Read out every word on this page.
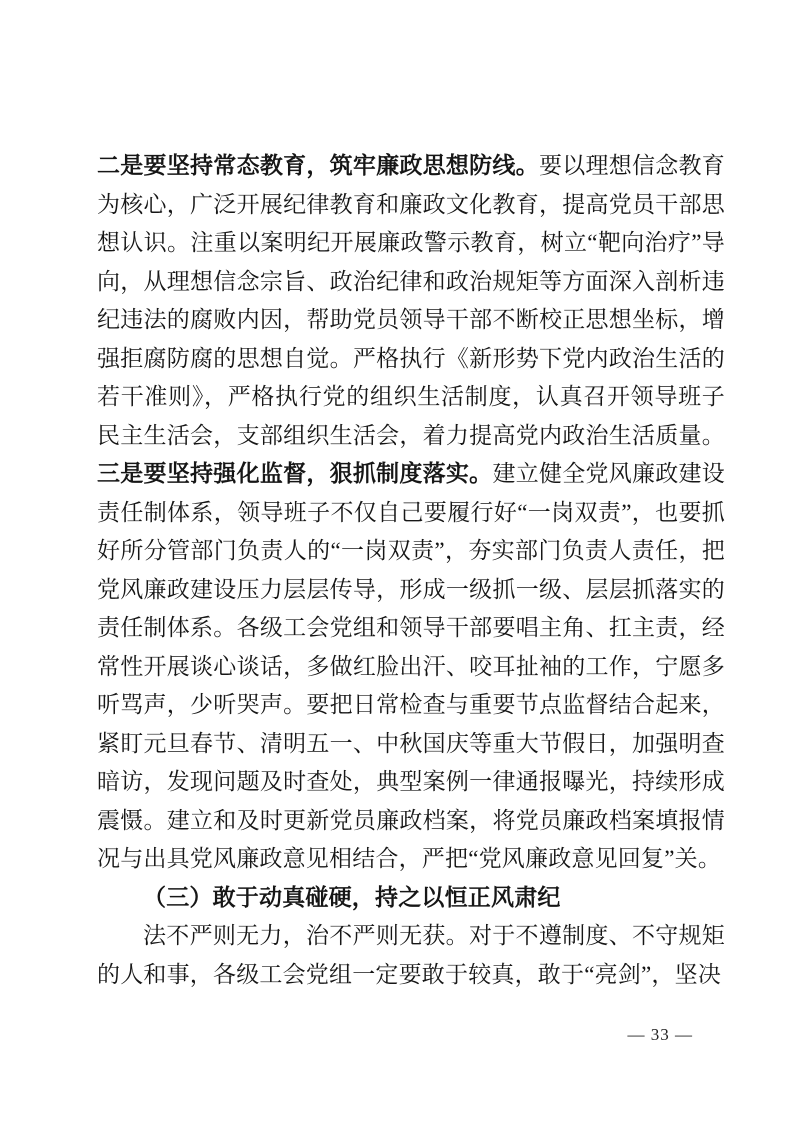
二是要坚持常态教育，筑牢廉政思想防线。要以理想信念教育为核心，广泛开展纪律教育和廉政文化教育，提高党员干部思想认识。注重以案明纪开展廉政警示教育，树立“靶向治疗”导向，从理想信念宗旨、政治纪律和政治规矩等方面深入剖析违纪违法的腐败内因，帮助党员领导干部不断校正思想坐标，增强拒腐防腐的思想自觉。严格执行《新形势下党内政治生活的若干准则》，严格执行党的组织生活制度，认真召开领导班子民主生活会，支部组织生活会，着力提高党内政治生活质量。三是要坚持强化监督，狠抓制度落实。建立健全党风廉政建设责任制体系，领导班子不仅自己要履行好“一岗双责”，也要抓好所分管部门负责人的“一岗双责”，夯实部门负责人责任，把党风廉政建设压力层层传导，形成一级抓一级、层层抓落实的责任制体系。各级工会党组和领导干部要唱主角、扛主责，经常性开展谈心谈话，多做红脸出汗、咬耳扯袖的工作，宁愿多听骂声，少听哭声。要把日常检查与重要节点监督结合起来，紧盯元旦春节、清明五一、中秋国庆等重大节假日，加强明查暗访，发现问题及时查处，典型案例一律通报曝光，持续形成震慑。建立和及时更新党员廉政档案，将党员廉政档案填报情况与出具党风廉政意见相结合，严把“党风廉政意见回复”关。

（三）敢于动真碰硬，持之以恒正风肃纪

法不严则无力，治不严则无获。对于不遵制度、不守规矩的人和事，各级工会党组一定要敢于较真，敢于“亮剑”，坚决

— 33 —
